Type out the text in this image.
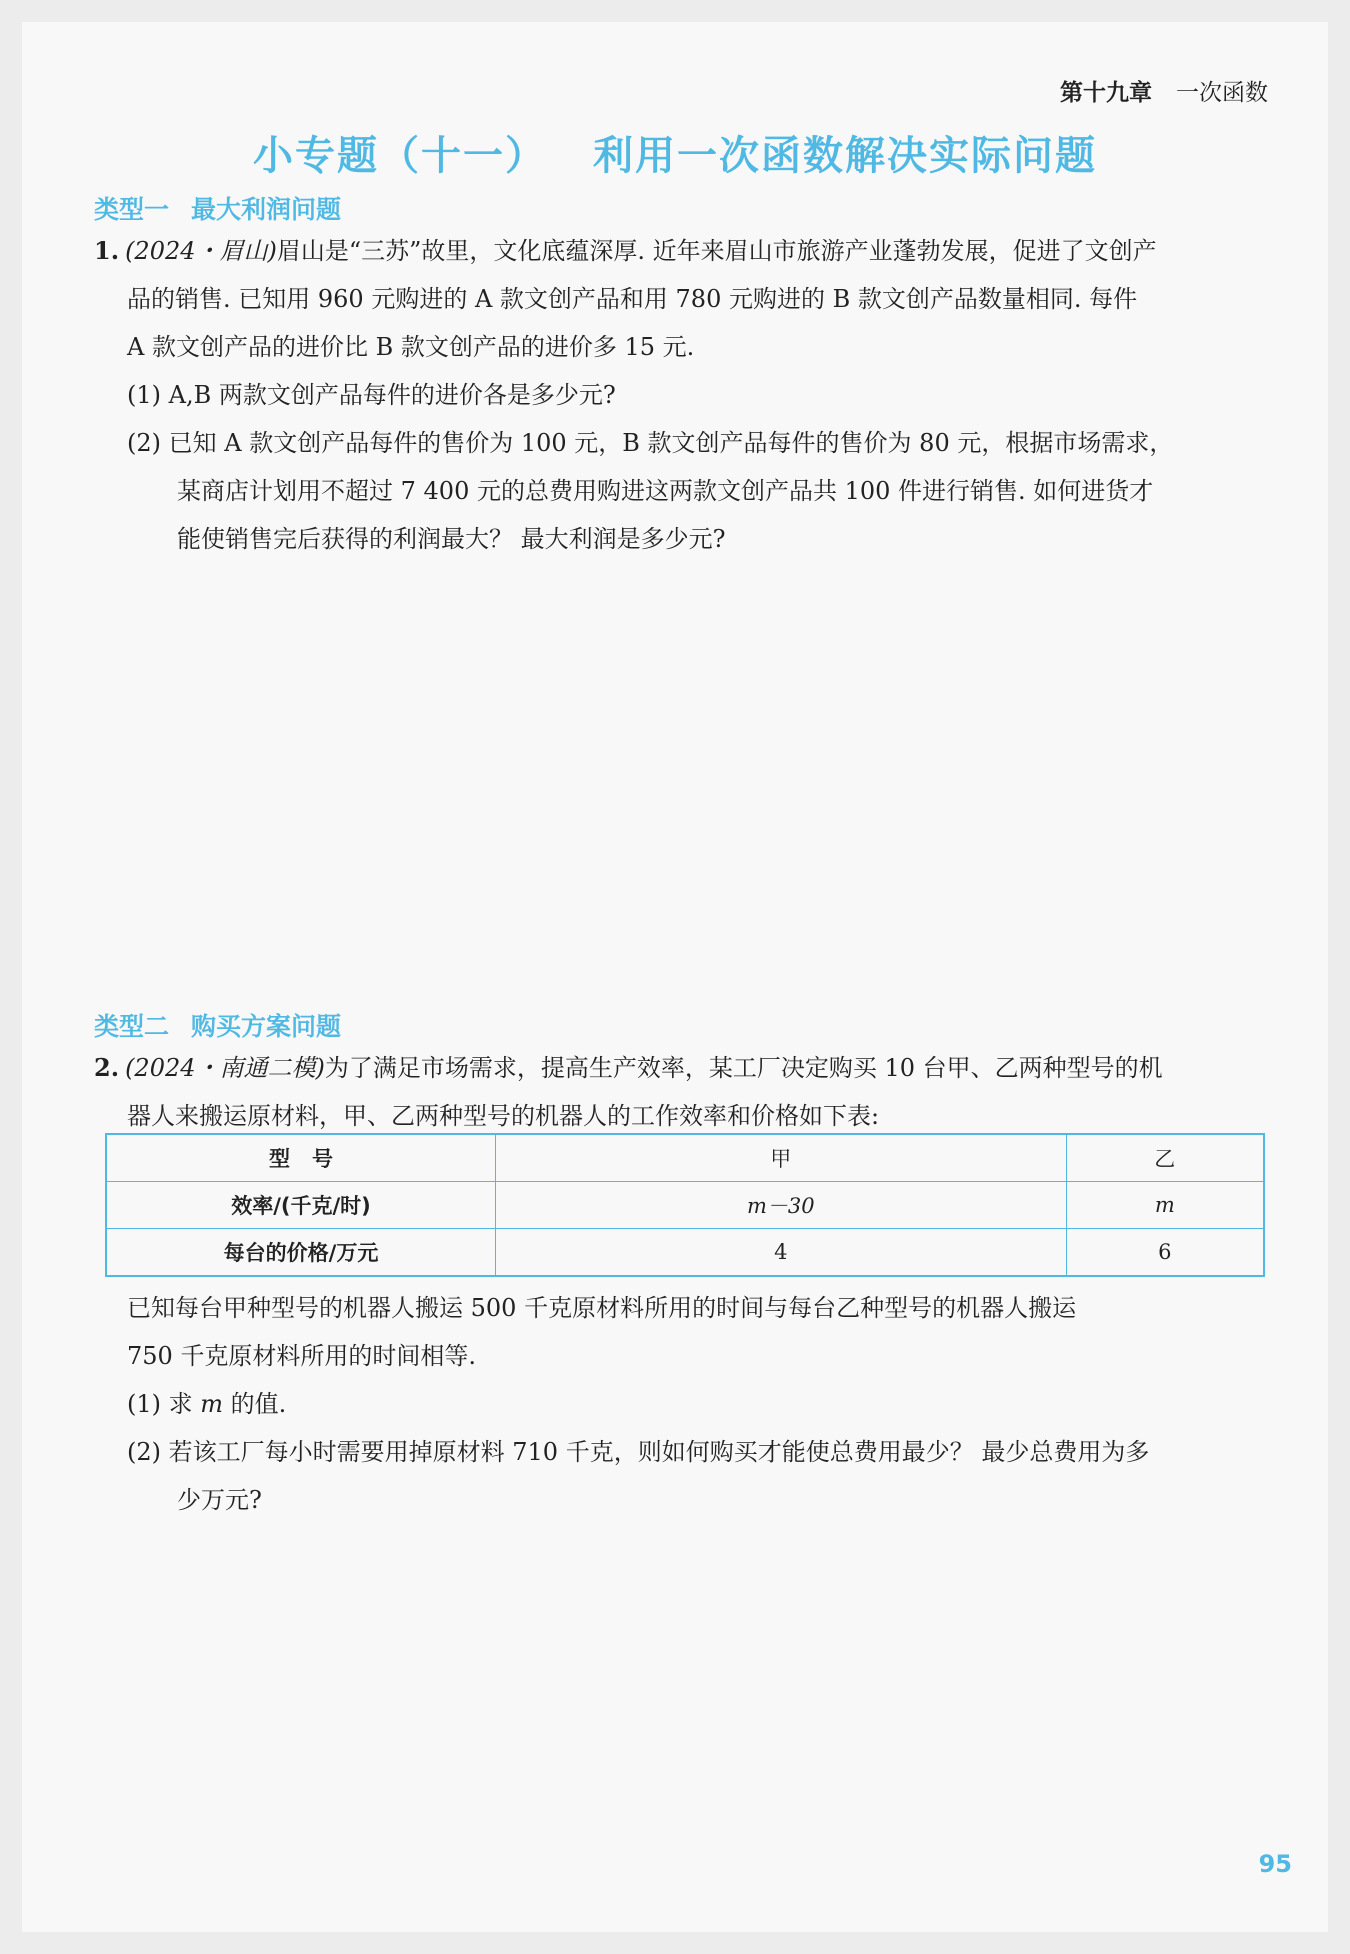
第十九章 一次函数
小专题（十一） 利用一次函数解决实际问题
类型一 最大利润问题
1. (2024・眉山)眉山是“三苏”故里，文化底蕴深厚. 近年来眉山市旅游产业蓬勃发展，促进了文创产
品的销售. 已知用 960 元购进的 A 款文创产品和用 780 元购进的 B 款文创产品数量相同. 每件
A 款文创产品的进价比 B 款文创产品的进价多 15 元.
(1) A,B 两款文创产品每件的进价各是多少元?
(2) 已知 A 款文创产品每件的售价为 100 元，B 款文创产品每件的售价为 80 元，根据市场需求，
某商店计划用不超过 7 400 元的总费用购进这两款文创产品共 100 件进行销售. 如何进货才
能使销售完后获得的利润最大？ 最大利润是多少元?
类型二 购买方案问题
2. (2024・南通二模)为了满足市场需求，提高生产效率，某工厂决定购买 10 台甲、乙两种型号的机
器人来搬运原材料，甲、乙两种型号的机器人的工作效率和价格如下表:
型 号	甲	乙
效率/(千克/时)	m－30	m
每台的价格/万元	4	6
已知每台甲种型号的机器人搬运 500 千克原材料所用的时间与每台乙种型号的机器人搬运
750 千克原材料所用的时间相等.
(1) 求 m 的值.
(2) 若该工厂每小时需要用掉原材料 710 千克，则如何购买才能使总费用最少？ 最少总费用为多
少万元?
95
